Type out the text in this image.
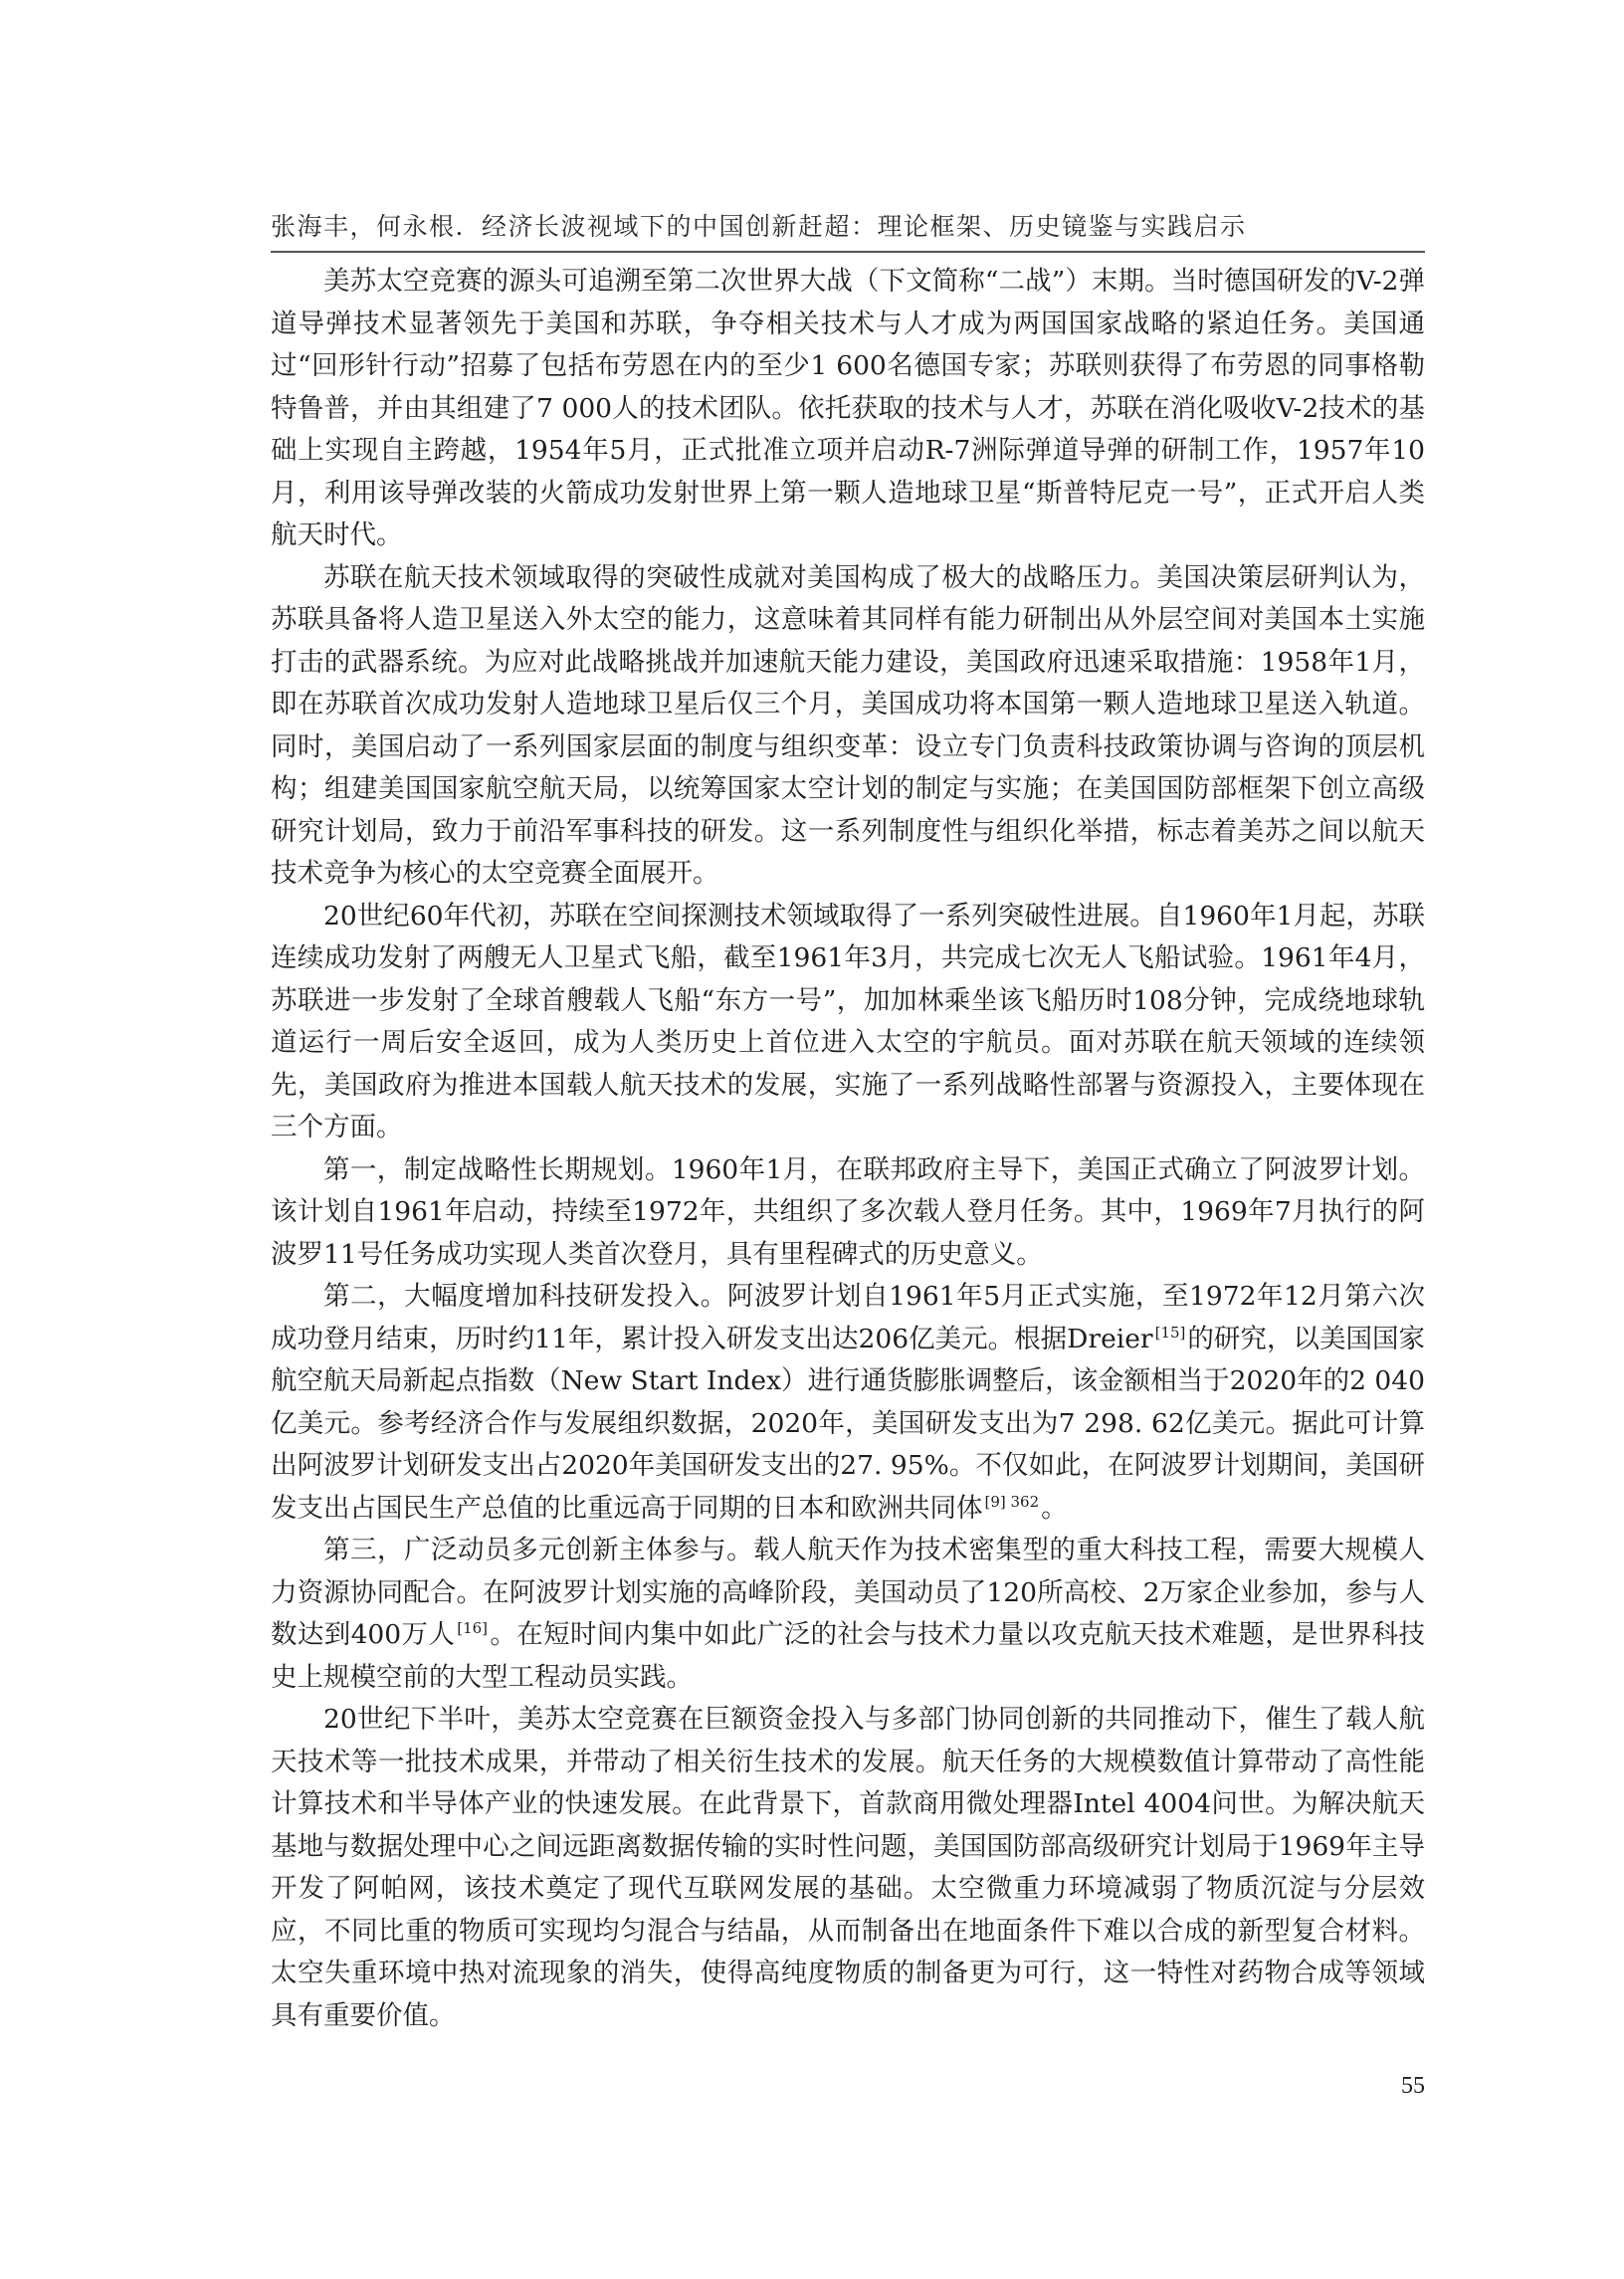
张海丰，何永根．经济长波视域下的中国创新赶超：理论框架、历史镜鉴与实践启示

美苏太空竞赛的源头可追溯至第二次世界大战（下文简称“二战”）末期。当时德国研发的V-2弹道导弹技术显著领先于美国和苏联，争夺相关技术与人才成为两国国家战略的紧迫任务。美国通过“回形针行动”招募了包括布劳恩在内的至少1 600名德国专家；苏联则获得了布劳恩的同事格勒特鲁普，并由其组建了7 000人的技术团队。依托获取的技术与人才，苏联在消化吸收V-2技术的基础上实现自主跨越，1954年5月，正式批准立项并启动R-7洲际弹道导弹的研制工作，1957年10月，利用该导弹改装的火箭成功发射世界上第一颗人造地球卫星“斯普特尼克一号”，正式开启人类航天时代。

苏联在航天技术领域取得的突破性成就对美国构成了极大的战略压力。美国决策层研判认为，苏联具备将人造卫星送入外太空的能力，这意味着其同样有能力研制出从外层空间对美国本土实施打击的武器系统。为应对此战略挑战并加速航天能力建设，美国政府迅速采取措施：1958年1月，即在苏联首次成功发射人造地球卫星后仅三个月，美国成功将本国第一颗人造地球卫星送入轨道。同时，美国启动了一系列国家层面的制度与组织变革：设立专门负责科技政策协调与咨询的顶层机构；组建美国国家航空航天局，以统筹国家太空计划的制定与实施；在美国国防部框架下创立高级研究计划局，致力于前沿军事科技的研发。这一系列制度性与组织化举措，标志着美苏之间以航天技术竞争为核心的太空竞赛全面展开。

20世纪60年代初，苏联在空间探测技术领域取得了一系列突破性进展。自1960年1月起，苏联连续成功发射了两艘无人卫星式飞船，截至1961年3月，共完成七次无人飞船试验。1961年4月，苏联进一步发射了全球首艘载人飞船“东方一号”，加加林乘坐该飞船历时108分钟，完成绕地球轨道运行一周后安全返回，成为人类历史上首位进入太空的宇航员。面对苏联在航天领域的连续领先，美国政府为推进本国载人航天技术的发展，实施了一系列战略性部署与资源投入，主要体现在三个方面。

第一，制定战略性长期规划。1960年1月，在联邦政府主导下，美国正式确立了阿波罗计划。该计划自1961年启动，持续至1972年，共组织了多次载人登月任务。其中，1969年7月执行的阿波罗11号任务成功实现人类首次登月，具有里程碑式的历史意义。

第二，大幅度增加科技研发投入。阿波罗计划自1961年5月正式实施，至1972年12月第六次成功登月结束，历时约11年，累计投入研发支出达206亿美元。根据Dreier [15]的研究，以美国国家航空航天局新起点指数（New Start Index）进行通货膨胀调整后，该金额相当于2020年的2 040亿美元。参考经济合作与发展组织数据，2020年，美国研发支出为7 298. 62亿美元。据此可计算出阿波罗计划研发支出占2020年美国研发支出的27. 95%。不仅如此，在阿波罗计划期间，美国研发支出占国民生产总值的比重远高于同期的日本和欧洲共同体 $^{[9] 362}$。

第三，广泛动员多元创新主体参与。载人航天作为技术密集型的重大科技工程，需要大规模人力资源协同配合。在阿波罗计划实施的高峰阶段，美国动员了120所高校、2万家企业参加，参与人数达到400万人 [16]。在短时间内集中如此广泛的社会与技术力量以攻克航天技术难题，是世界科技史上规模空前的大型工程动员实践。

20世纪下半叶，美苏太空竞赛在巨额资金投入与多部门协同创新的共同推动下，催生了载人航天技术等一批技术成果，并带动了相关衍生技术的发展。航天任务的大规模数值计算带动了高性能计算技术和半导体产业的快速发展。在此背景下，首款商用微处理器Intel 4004问世。为解决航天基地与数据处理中心之间远距离数据传输的实时性问题，美国国防部高级研究计划局于1969年主导开发了阿帕网，该技术奠定了现代互联网发展的基础。太空微重力环境减弱了物质沉淀与分层效应，不同比重的物质可实现均匀混合与结晶，从而制备出在地面条件下难以合成的新型复合材料。太空失重环境中热对流现象的消失，使得高纯度物质的制备更为可行，这一特性对药物合成等领域具有重要价值。

55
